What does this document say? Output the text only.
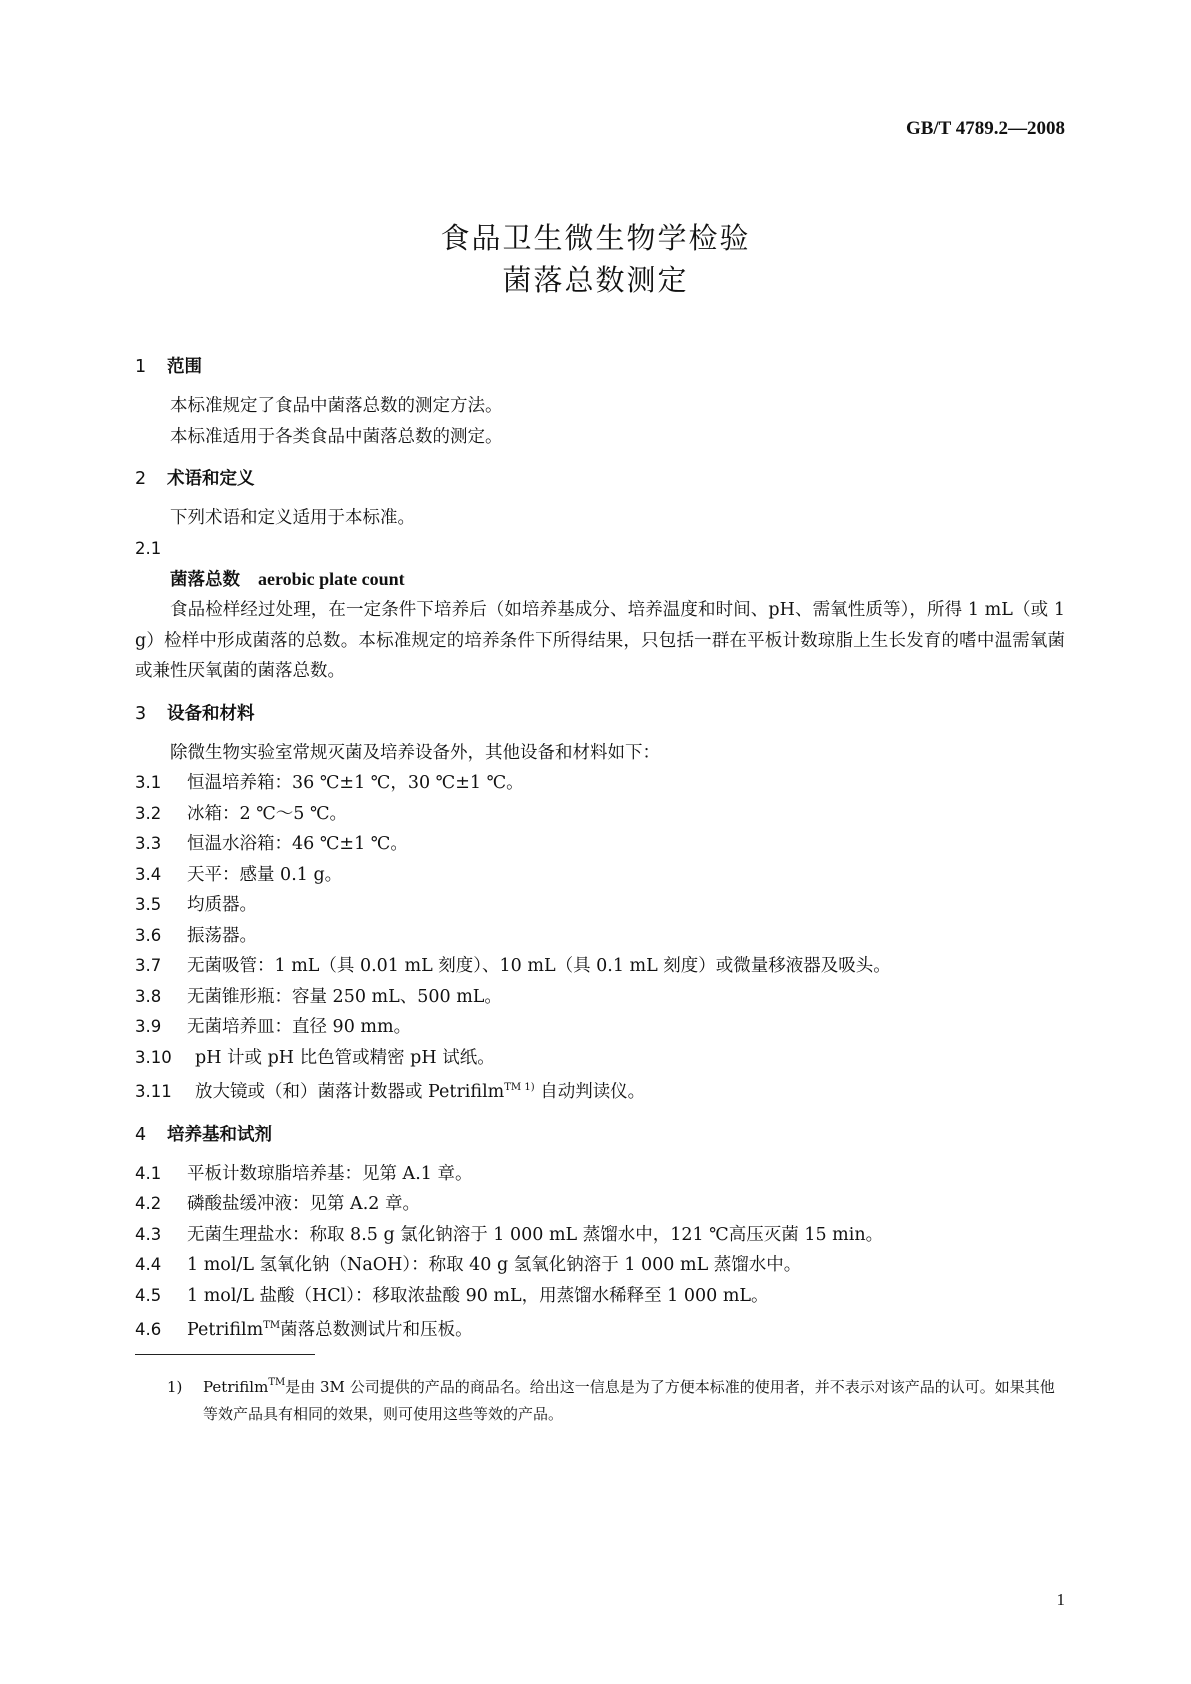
GB/T 4789.2—2008
食品卫生微生物学检验
菌落总数测定

1 范围

本标准规定了食品中菌落总数的测定方法。

本标准适用于各类食品中菌落总数的测定。

2 术语和定义

下列术语和定义适用于本标准。

2.1

菌落总数 aerobic plate count

食品检样经过处理，在一定条件下培养后（如培养基成分、培养温度和时间、pH、需氧性质等），所得 1 mL（或 1 g）检样中形成菌落的总数。本标准规定的培养条件下所得结果，只包括一群在平板计数琼脂上生长发育的嗜中温需氧菌或兼性厌氧菌的菌落总数。

3 设备和材料

除微生物实验室常规灭菌及培养设备外，其他设备和材料如下：

3.1 恒温培养箱：36 ℃±1 ℃，30 ℃±1 ℃。

3.2 冰箱：2 ℃～5 ℃。

3.3 恒温水浴箱：46 ℃±1 ℃。

3.4 天平：感量 0.1 g。

3.5 均质器。

3.6 振荡器。

3.7 无菌吸管：1 mL（具 0.01 mL 刻度）、10 mL（具 0.1 mL 刻度）或微量移液器及吸头。

3.8 无菌锥形瓶：容量 250 mL、500 mL。

3.9 无菌培养皿：直径 90 mm。

3.10 pH 计或 pH 比色管或精密 pH 试纸。

3.11 放大镜或（和）菌落计数器或 Petrifilm$^{TM 1)}$ 自动判读仪。

4 培养基和试剂

4.1 平板计数琼脂培养基：见第 A.1 章。

4.2 磷酸盐缓冲液：见第 A.2 章。

4.3 无菌生理盐水：称取 8.5 g 氯化钠溶于 1 000 mL 蒸馏水中，121 ℃高压灭菌 15 min。

4.4 1 mol/L 氢氧化钠（NaOH）：称取 40 g 氢氧化钠溶于 1 000 mL 蒸馏水中。

4.5 1 mol/L 盐酸（HCl）：移取浓盐酸 90 mL，用蒸馏水稀释至 1 000 mL。

4.6 Petrifilm™菌落总数测试片和压板。

1) Petrifilm™是由 3M 公司提供的产品的商品名。给出这一信息是为了方便本标准的使用者，并不表示对该产品的认可。如果其他等效产品具有相同的效果，则可使用这些等效的产品。

1
